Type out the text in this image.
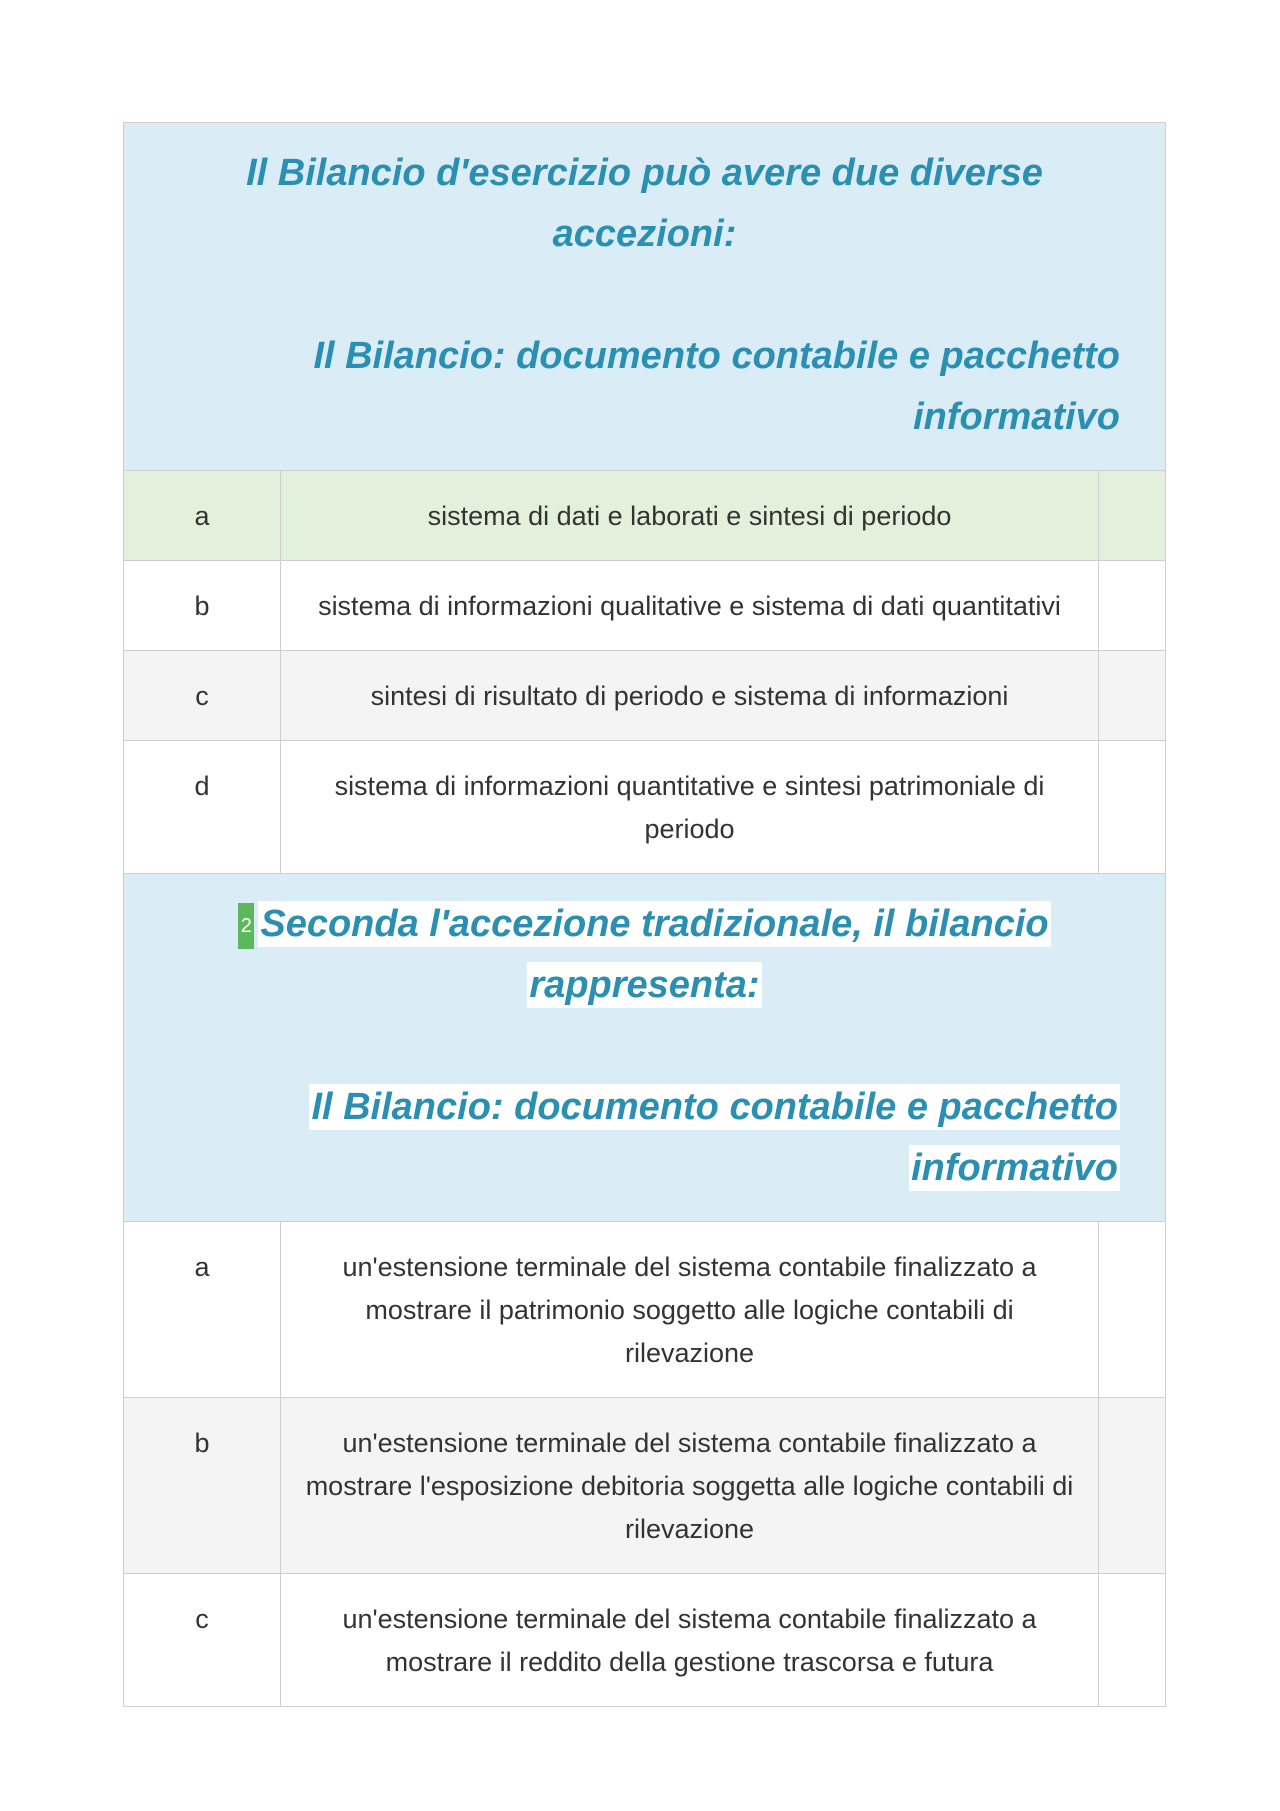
Il Bilancio d'esercizio può avere due diverse accezioni:

Il Bilancio: documento contabile e pacchetto informativo

a	sistema di dati e laborati e sintesi di periodo
b	sistema di informazioni qualitative e sistema di dati quantitativi
c	sintesi di risultato di periodo e sistema di informazioni
d	sistema di informazioni quantitative e sintesi patrimoniale di periodo

2 Seconda l'accezione tradizionale, il bilancio rappresenta:

Il Bilancio: documento contabile e pacchetto informativo

a	un'estensione terminale del sistema contabile finalizzato a mostrare il patrimonio soggetto alle logiche contabili di rilevazione
b	un'estensione terminale del sistema contabile finalizzato a mostrare l'esposizione debitoria soggetta alle logiche contabili di rilevazione
c	un'estensione terminale del sistema contabile finalizzato a mostrare il reddito della gestione trascorsa e futura
